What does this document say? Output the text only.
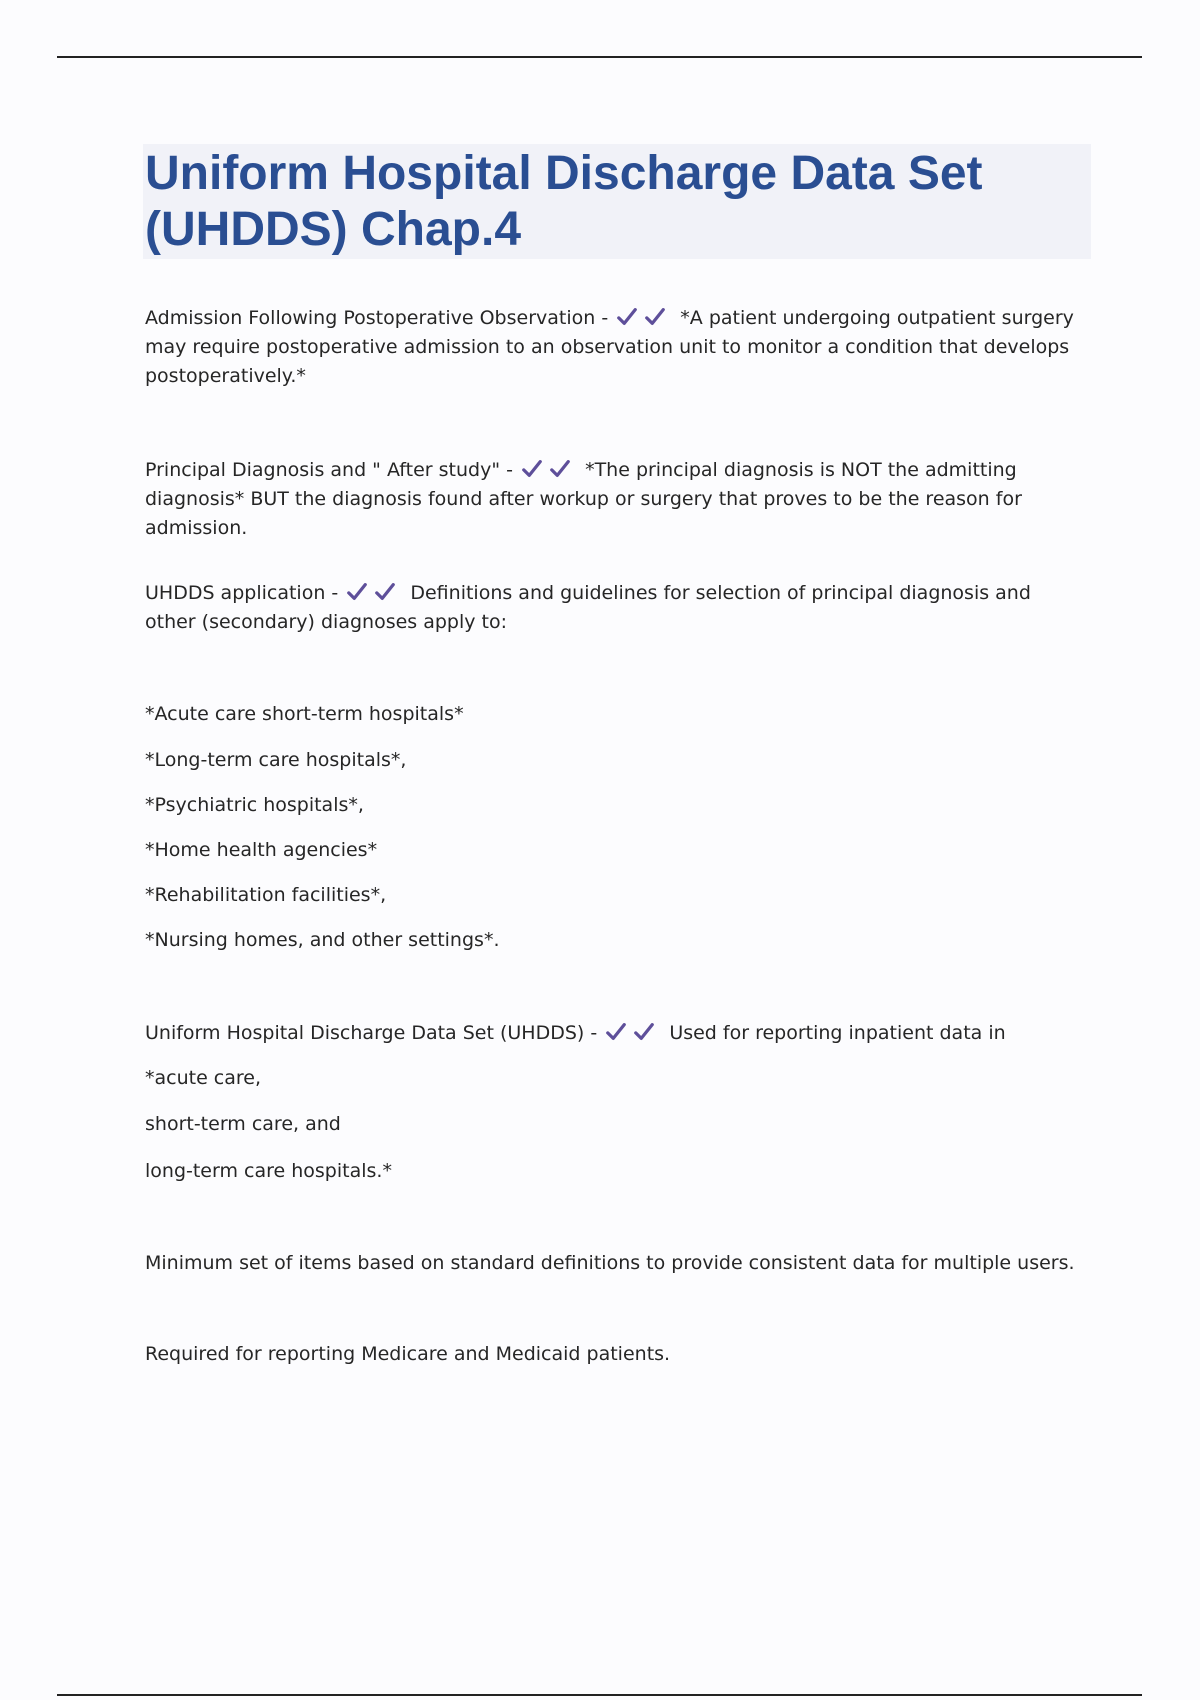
Uniform Hospital Discharge Data Set (UHDDS) Chap.4

Admission Following Postoperative Observation -	*A patient undergoing outpatient surgery may require postoperative admission to an observation unit to monitor a condition that develops postoperatively.*

Principal Diagnosis and " After study" -	*The principal diagnosis is NOT the admitting diagnosis* BUT the diagnosis found after workup or surgery that proves to be the reason for admission.

UHDDS application -	Definitions and guidelines for selection of principal diagnosis and other (secondary) diagnoses apply to:

*Acute care short-term hospitals*

*Long-term care hospitals*,

*Psychiatric hospitals*,

*Home health agencies*

*Rehabilitation facilities*,

*Nursing homes, and other settings*.

Uniform Hospital Discharge Data Set (UHDDS) -	Used for reporting inpatient data in

*acute care,

short-term care, and

long-term care hospitals.*

Minimum set of items based on standard definitions to provide consistent data for multiple users.

Required for reporting Medicare and Medicaid patients.
